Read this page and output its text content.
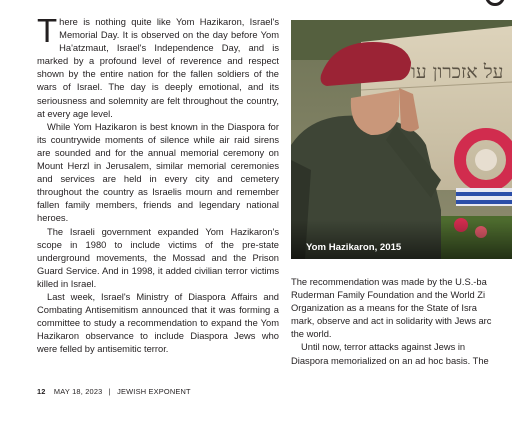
There is nothing quite like Yom Hazikaron, Israel's Memorial Day. It is observed on the day before Yom Ha'atzmaut, Israel's Independence Day, and is marked by a profound level of reverence and respect shown by the entire nation for the fallen soldiers of the wars of Israel. The day is deeply emotional, and its seriousness and solemnity are felt throughout the country, at every age level.

While Yom Hazikaron is best known in the Diaspora for its countrywide moments of silence while air raid sirens are sounded and for the annual memorial ceremony on Mount Herzl in Jerusalem, similar memorial ceremonies and services are held in every city and cemetery throughout the country as Israelis mourn and remember fallen family members, friends and legendary national heroes.

The Israeli government expanded Yom Hazikaron's scope in 1980 to include victims of the pre-state underground movements, the Mossad and the Prison Guard Service. And in 1998, it added civilian terror victims killed in Israel.

Last week, Israel's Ministry of Diaspora Affairs and Combating Antisemitism announced that it was forming a committee to study a recommendation to expand the Yom Hazikaron observance to include Diaspora Jews who were felled by antisemitic terror.

על אזכרון עו
Yom Hazikaron, 2015

The recommendation was made by the U.S.-ba
Ruderman Family Foundation and the World Zi
Organization as a means for the State of Isra
mark, observe and act in solidarity with Jews arc
the world.

Until now, terror attacks against Jews in
Diaspora memorialized on an ad hoc basis. The

12 MAY 18, 2023 | JEWISH EXPONENT
